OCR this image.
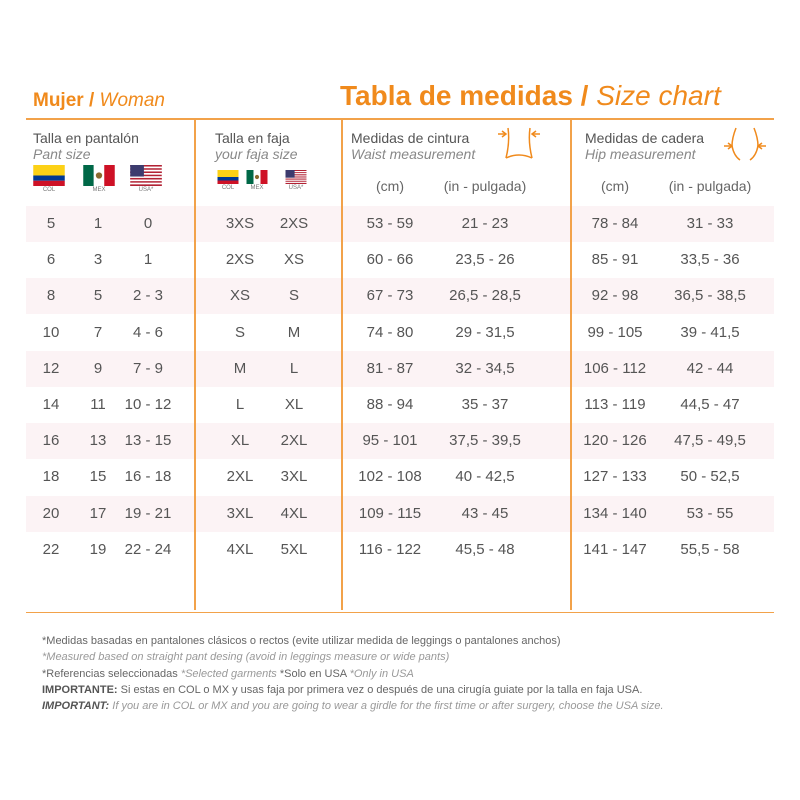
Mujer / Woman	Tabla de medidas / Size chart
Talla en pantalón
Pant size
Talla en faja
your faja size
Medidas de cintura
Waist measurement
Medidas de cadera
Hip measurement
COL	MEX	USA*	COL	MEX	USA*	(cm)	(in - pulgada)	(cm)	(in - pulgada)
5	1	0	3XS	2XS	53 - 59	21 - 23	78 - 84	31 - 33
6	3	1	2XS	XS	60 - 66	23,5 - 26	85 - 91	33,5 - 36
8	5	2 - 3	XS	S	67 - 73	26,5 - 28,5	92 - 98	36,5 - 38,5
10	7	4 - 6	S	M	74 - 80	29 - 31,5	99 - 105	39 - 41,5
12	9	7 - 9	M	L	81 - 87	32 - 34,5	106 - 112	42 - 44
14	11	10 - 12	L	XL	88 - 94	35 - 37	113 - 119	44,5 - 47
16	13	13 - 15	XL	2XL	95 - 101	37,5 - 39,5	120 - 126	47,5 - 49,5
18	15	16 - 18	2XL	3XL	102 - 108	40 - 42,5	127 - 133	50 - 52,5
20	17	19 - 21	3XL	4XL	109 - 115	43 - 45	134 - 140	53 - 55
22	19	22 - 24	4XL	5XL	116 - 122	45,5 - 48	141 - 147	55,5 - 58
*Medidas basadas en pantalones clásicos o rectos (evite utilizar medida de leggings o pantalones anchos)
*Measured based on straight pant desing (avoid in leggings measure or wide pants)
*Referencias seleccionadas *Selected garments *Solo en USA *Only in USA
IMPORTANTE: Si estas en COL o MX y usas faja por primera vez o después de una cirugía guiate por la talla en faja USA.
IMPORTANT: If you are in COL or MX and you are going to wear a girdle for the first time or after surgery, choose the USA size.
